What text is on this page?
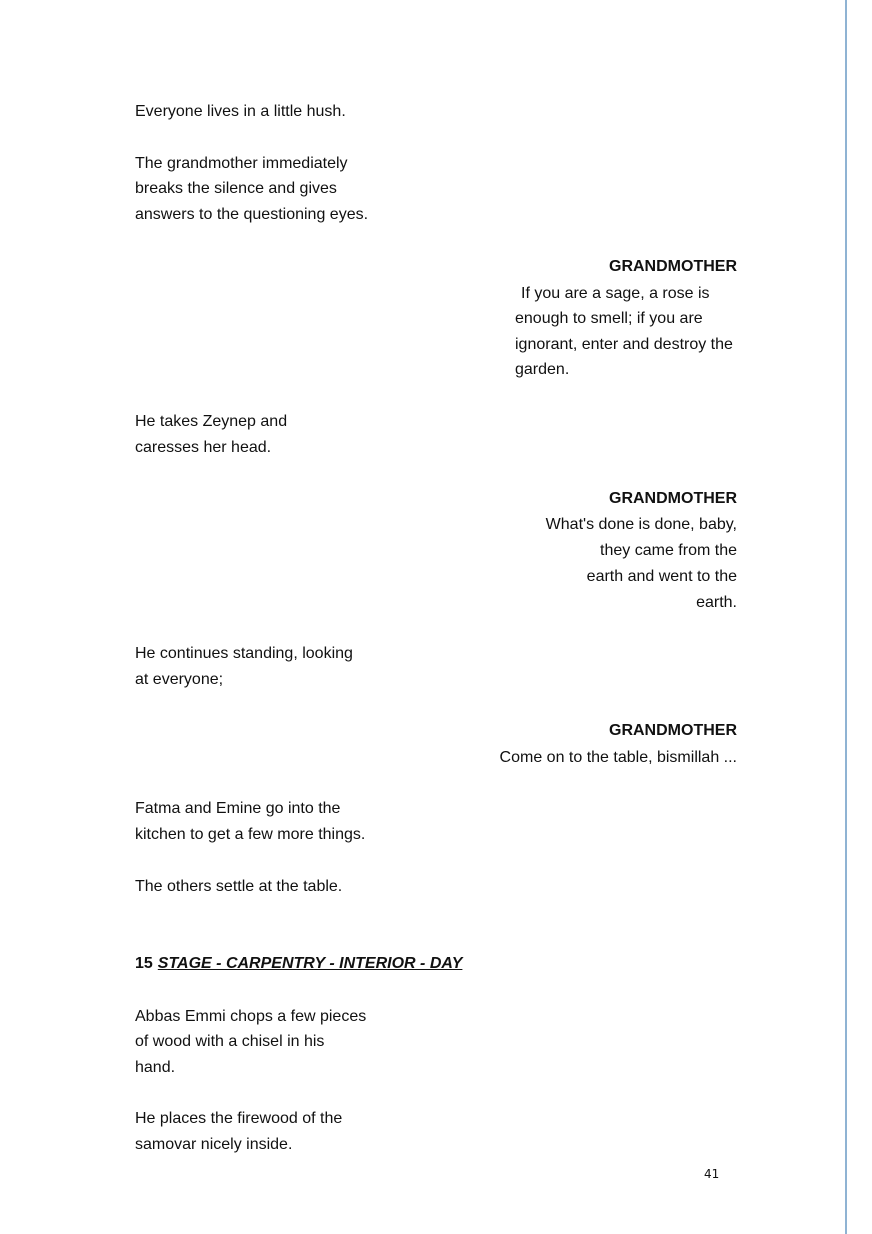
Everyone lives in a little hush.
The grandmother immediately
breaks the silence and gives
answers to the questioning eyes.
GRANDMOTHER
If you are a sage, a rose is
enough to smell; if you are
ignorant, enter and destroy the
garden.
He takes Zeynep and
caresses her head.
GRANDMOTHER
What's done is done, baby,
they came from the
earth and went to the
earth.
He continues standing, looking
at everyone;
GRANDMOTHER
Come on to the table, bismillah ...
Fatma and Emine go into the
kitchen to get a few more things.
The others settle at the table.
15 STAGE - CARPENTRY - INTERIOR - DAY
Abbas Emmi chops a few pieces
of wood with a chisel in his
hand.
He places the firewood of the
samovar nicely inside.
41
